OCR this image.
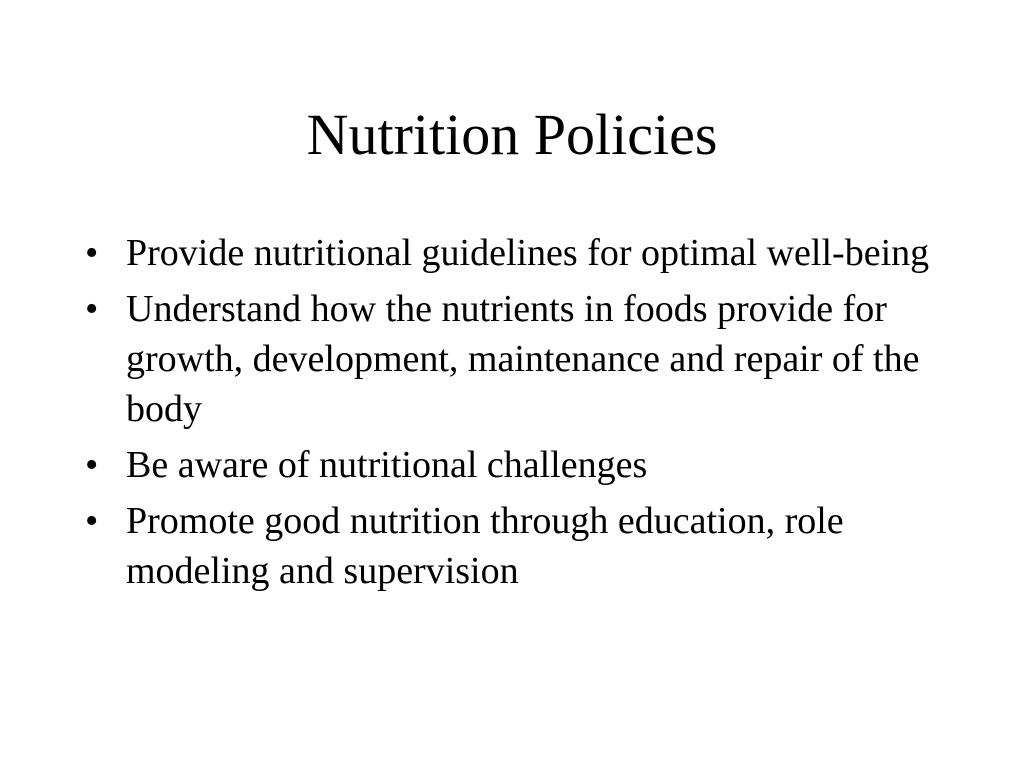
Nutrition Policies
• Provide nutritional guidelines for optimal well-being
• Understand how the nutrients in foods provide for growth, development, maintenance and repair of the body
• Be aware of nutritional challenges
• Promote good nutrition through education, role modeling and supervision
